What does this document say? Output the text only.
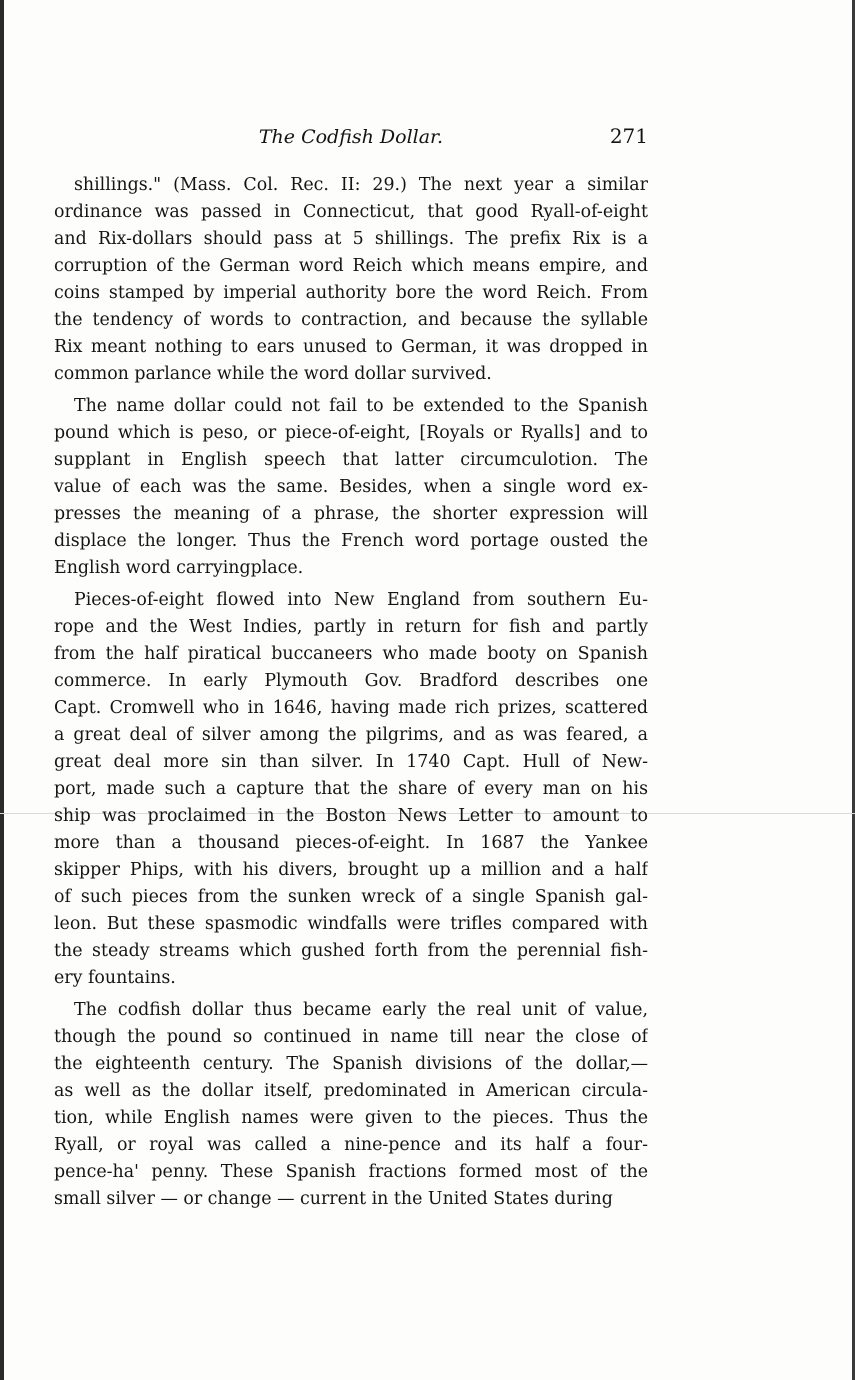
The Codfish Dollar.	271
shillings." (Mass. Col. Rec. II: 29.) The next year a similar
ordinance was passed in Connecticut, that good Ryall-of-eight
and Rix-dollars should pass at 5 shillings. The prefix Rix is a
corruption of the German word Reich which means empire, and
coins stamped by imperial authority bore the word Reich. From
the tendency of words to contraction, and because the syllable
Rix meant nothing to ears unused to German, it was dropped in
common parlance while the word dollar survived.
The name dollar could not fail to be extended to the Spanish
pound which is peso, or piece-of-eight, [Royals or Ryalls] and to
supplant in English speech that latter circumculotion. The
value of each was the same. Besides, when a single word ex-
presses the meaning of a phrase, the shorter expression will
displace the longer. Thus the French word portage ousted the
English word carryingplace.
Pieces-of-eight flowed into New England from southern Eu-
rope and the West Indies, partly in return for fish and partly
from the half piratical buccaneers who made booty on Spanish
commerce. In early Plymouth Gov. Bradford describes one
Capt. Cromwell who in 1646, having made rich prizes, scattered
a great deal of silver among the pilgrims, and as was feared, a
great deal more sin than silver. In 1740 Capt. Hull of New-
port, made such a capture that the share of every man on his
ship was proclaimed in the Boston News Letter to amount to
more than a thousand pieces-of-eight. In 1687 the Yankee
skipper Phips, with his divers, brought up a million and a half
of such pieces from the sunken wreck of a single Spanish gal-
leon. But these spasmodic windfalls were trifles compared with
the steady streams which gushed forth from the perennial fish-
ery fountains.
The codfish dollar thus became early the real unit of value,
though the pound so continued in name till near the close of
the eighteenth century. The Spanish divisions of the dollar,—
as well as the dollar itself, predominated in American circula-
tion, while English names were given to the pieces. Thus the
Ryall, or royal was called a nine-pence and its half a four-
pence-ha' penny. These Spanish fractions formed most of the
small silver — or change — current in the United States during
